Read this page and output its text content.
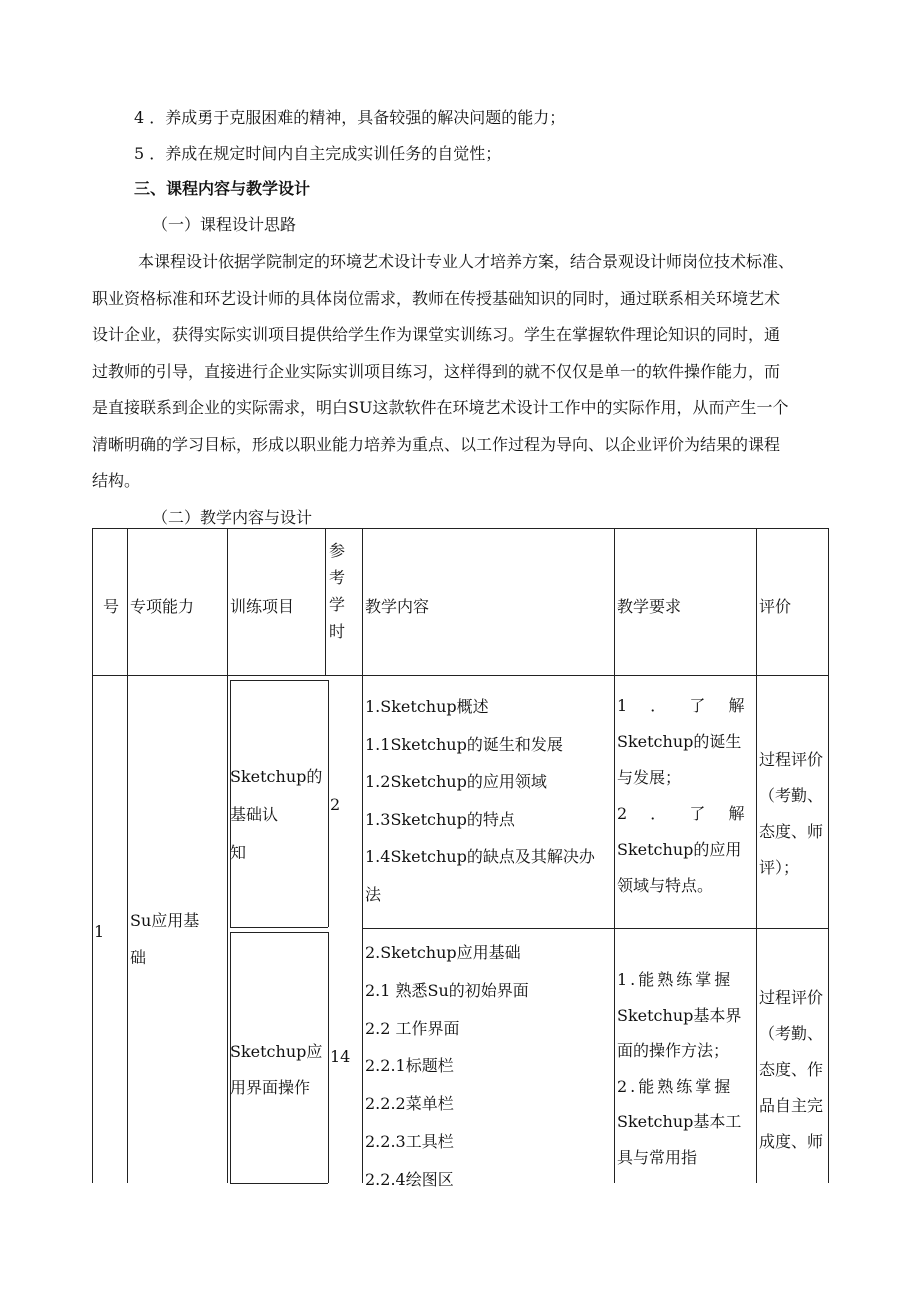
4 ．养成勇于克服困难的精神，具备较强的解决问题的能力；
5 ．养成在规定时间内自主完成实训任务的自觉性；
三、课程内容与教学设计
（一）课程设计思路
本课程设计依据学院制定的环境艺术设计专业人才培养方案，结合景观设计师岗位技术标准、
职业资格标准和环艺设计师的具体岗位需求，教师在传授基础知识的同时，通过联系相关环境艺术
设计企业，获得实际实训项目提供给学生作为课堂实训练习。学生在掌握软件理论知识的同时，通
过教师的引导，直接进行企业实际实训项目练习，这样得到的就不仅仅是单一的软件操作能力，而
是直接联系到企业的实际需求，明白SU这款软件在环境艺术设计工作中的实际作用，从而产生一个
清晰明确的学习目标，形成以职业能力培养为重点、以工作过程为导向、以企业评价为结果的课程
结构。
（二）教学内容与设计
号 专项能力 训练项目
参
考
学
时
教学内容	教学要求	评价
1
Su应用基
础
Sketchup的
基础认
知
2
1.Sketchup概述
1.1Sketchup的诞生和发展
1.2Sketchup的应用领域
1.3Sketchup的特点
1.4Sketchup的缺点及其解决办
法
1 ． 了 解
Sketchup的诞生
与发展；
2 ． 了 解
Sketchup的应用
领域与特点。
过程评价
（考勤、
态度、师
评）；
Sketchup应
用界面操作
14
2.Sketchup应用基础
2.1 熟悉Su的初始界面
2.2 工作界面
2.2.1标题栏
2.2.2菜单栏
2.2.3工具栏
2.2.4绘图区
1.能熟练掌握
Sketchup基本界
面的操作方法；
2.能熟练掌握
Sketchup基本工
具与常用指
过程评价
（考勤、
态度、作
品自主完
成度、师
